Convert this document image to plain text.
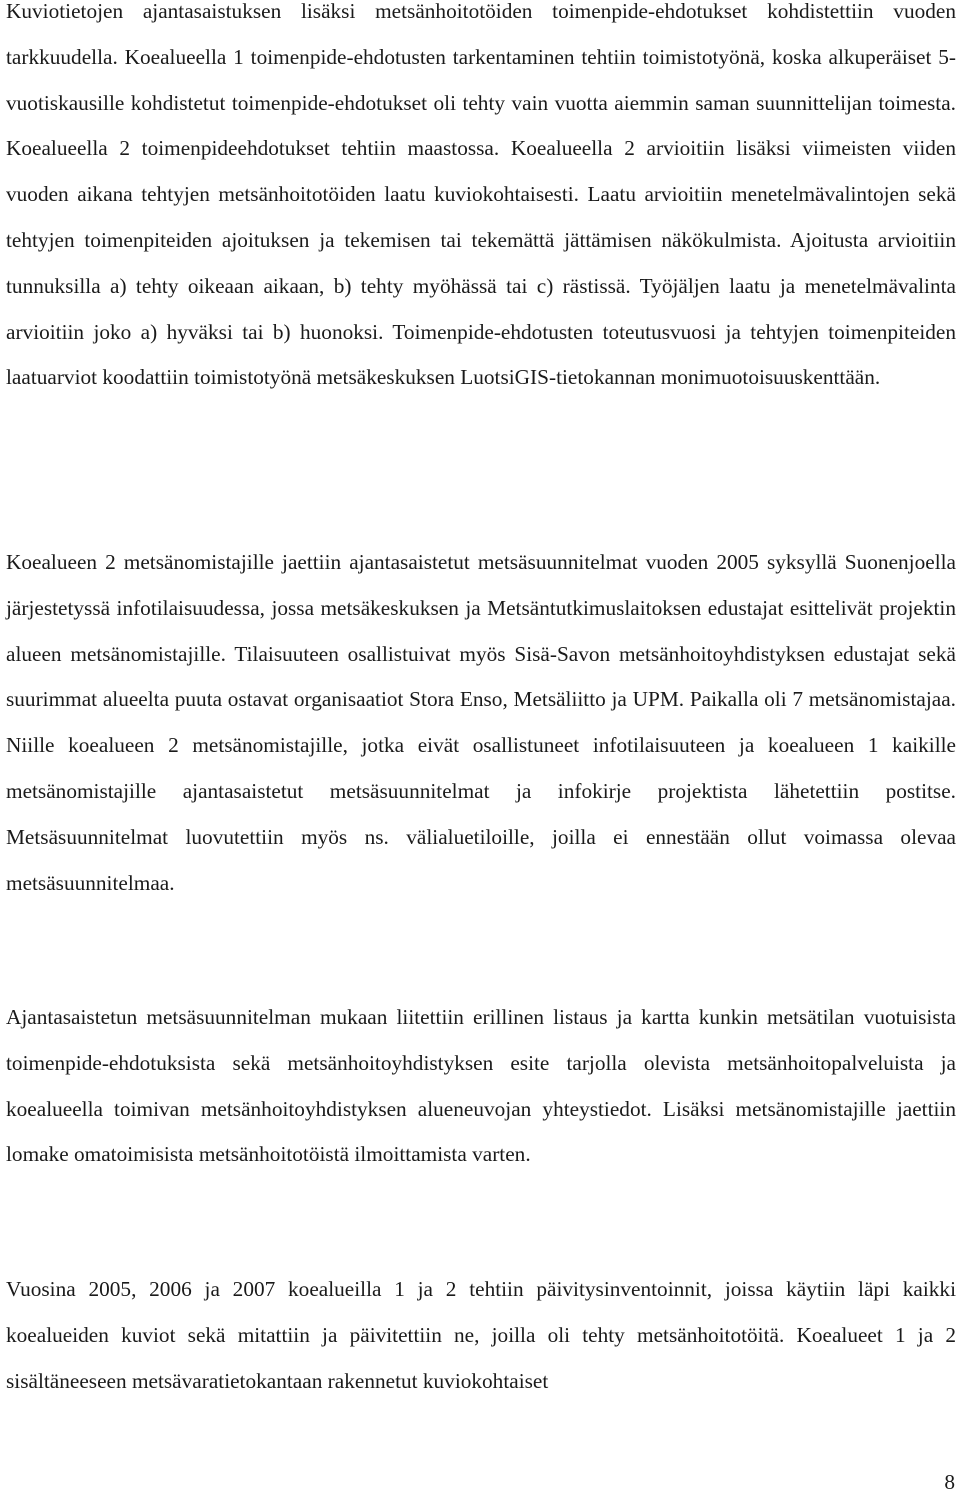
Kuviotietojen ajantasaistuksen lisäksi metsänhoitotöiden toimenpide-ehdotukset kohdistettiin vuoden tarkkuudella. Koealueella 1 toimenpide-ehdotusten tarkentaminen tehtiin toimistotyönä, koska alkuperäiset 5-vuotiskausille kohdistetut toimenpide-ehdotukset oli tehty vain vuotta aiemmin saman suunnittelijan toimesta. Koealueella 2 toimenpideehdotukset tehtiin maastossa. Koealueella 2 arvioitiin lisäksi viimeisten viiden vuoden aikana tehtyjen metsänhoitotöiden laatu kuviokohtaisesti. Laatu arvioitiin menetelmävalintojen sekä tehtyjen toimenpiteiden ajoituksen ja tekemisen tai tekemättä jättämisen näkökulmista. Ajoitusta arvioitiin tunnuksilla a) tehty oikeaan aikaan, b) tehty myöhässä tai c) rästissä. Työjäljen laatu ja menetelmävalinta arvioitiin joko a) hyväksi tai b) huonoksi. Toimenpide-ehdotusten toteutusvuosi ja tehtyjen toimenpiteiden laatuarviot koodattiin toimistotyönä metsäkeskuksen LuotsiGIS-tietokannan monimuotoisuuskenttään.

Koealueen 2 metsänomistajille jaettiin ajantasaistetut metsäsuunnitelmat vuoden 2005 syksyllä Suonenjoella järjestetyssä infotilaisuudessa, jossa metsäkeskuksen ja Metsäntutkimuslaitoksen edustajat esittelivät projektin alueen metsänomistajille. Tilaisuuteen osallistuivat myös Sisä-Savon metsänhoitoyhdistyksen edustajat sekä suurimmat alueelta puuta ostavat organisaatiot Stora Enso, Metsäliitto ja UPM. Paikalla oli 7 metsänomistajaa. Niille koealueen 2 metsänomistajille, jotka eivät osallistuneet infotilaisuuteen ja koealueen 1 kaikille metsänomistajille ajantasaistetut metsäsuunnitelmat ja infokirje projektista lähetettiin postitse. Metsäsuunnitelmat luovutettiin myös ns. välialuetiloille, joilla ei ennestään ollut voimassa olevaa metsäsuunnitelmaa.

Ajantasaistetun metsäsuunnitelman mukaan liitettiin erillinen listaus ja kartta kunkin metsätilan vuotuisista toimenpide-ehdotuksista sekä metsänhoitoyhdistyksen esite tarjolla olevista metsänhoitopalveluista ja koealueella toimivan metsänhoitoyhdistyksen alueneuvojan yhteystiedot. Lisäksi metsänomistajille jaettiin lomake omatoimisista metsänhoitotöistä ilmoittamista varten.

Vuosina 2005, 2006 ja 2007 koealueilla 1 ja 2 tehtiin päivitysinventoinnit, joissa käytiin läpi kaikki koealueiden kuviot sekä mitattiin ja päivitettiin ne, joilla oli tehty metsänhoitotöitä. Koealueet 1 ja 2 sisältäneeseen metsävaratietokantaan rakennetut kuviokohtaiset

8
